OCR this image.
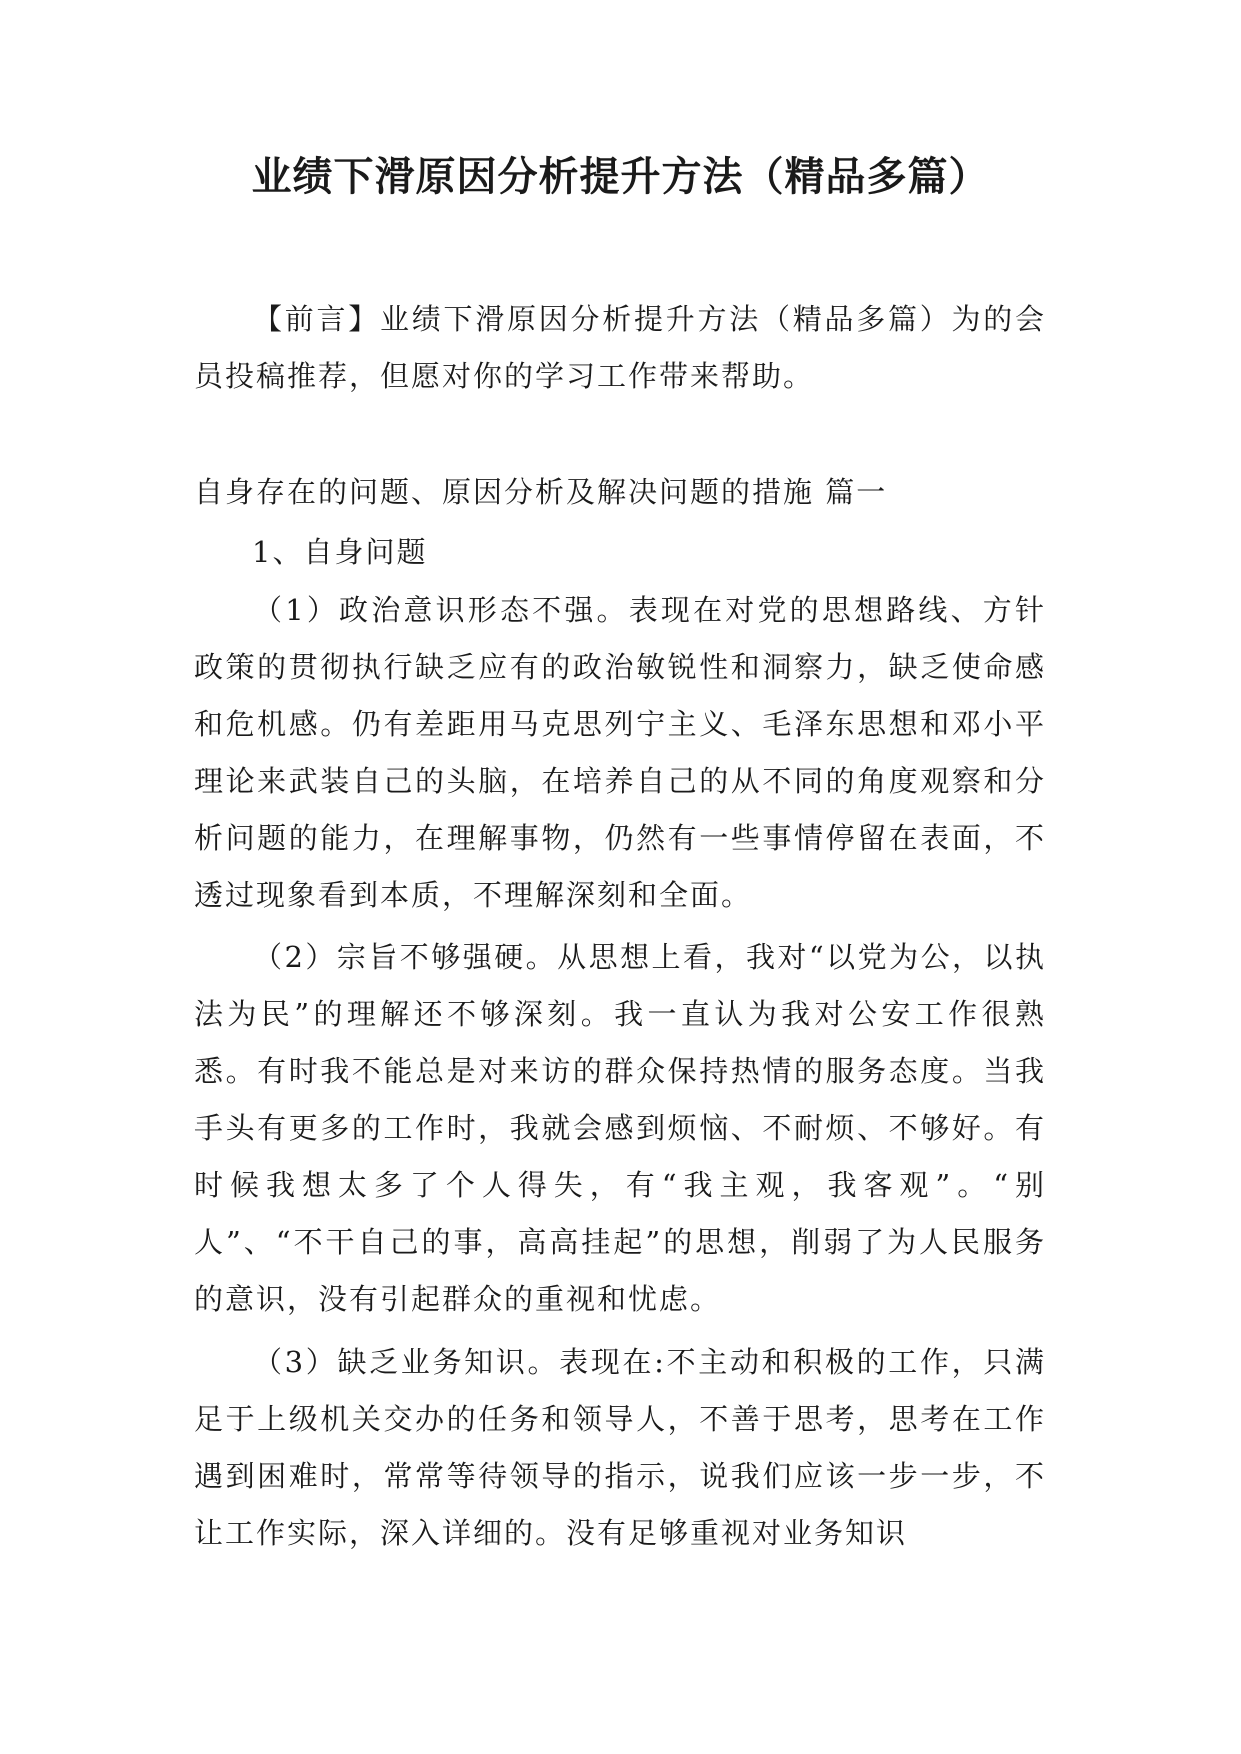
业绩下滑原因分析提升方法（精品多篇）

【前言】业绩下滑原因分析提升方法（精品多篇）为的会员投稿推荐，但愿对你的学习工作带来帮助。

自身存在的问题、原因分析及解决问题的措施 篇一

1、自身问题

（1）政治意识形态不强。表现在对党的思想路线、方针政策的贯彻执行缺乏应有的政治敏锐性和洞察力，缺乏使命感和危机感。仍有差距用马克思列宁主义、毛泽东思想和邓小平理论来武装自己的头脑，在培养自己的从不同的角度观察和分析问题的能力，在理解事物，仍然有一些事情停留在表面，不透过现象看到本质，不理解深刻和全面。

（2）宗旨不够强硬。从思想上看，我对“以党为公，以执法为民”的理解还不够深刻。我一直认为我对公安工作很熟悉。有时我不能总是对来访的群众保持热情的服务态度。当我手头有更多的工作时，我就会感到烦恼、不耐烦、不够好。有时候我想太多了个人得失，有“我主观，我客观”。“别人”、“不干自己的事，高高挂起”的思想，削弱了为人民服务的意识，没有引起群众的重视和忧虑。

（3）缺乏业务知识。表现在:不主动和积极的工作，只满足于上级机关交办的任务和领导人，不善于思考，思考在工作遇到困难时，常常等待领导的指示，说我们应该一步一步，不让工作实际，深入详细的。没有足够重视对业务知识
